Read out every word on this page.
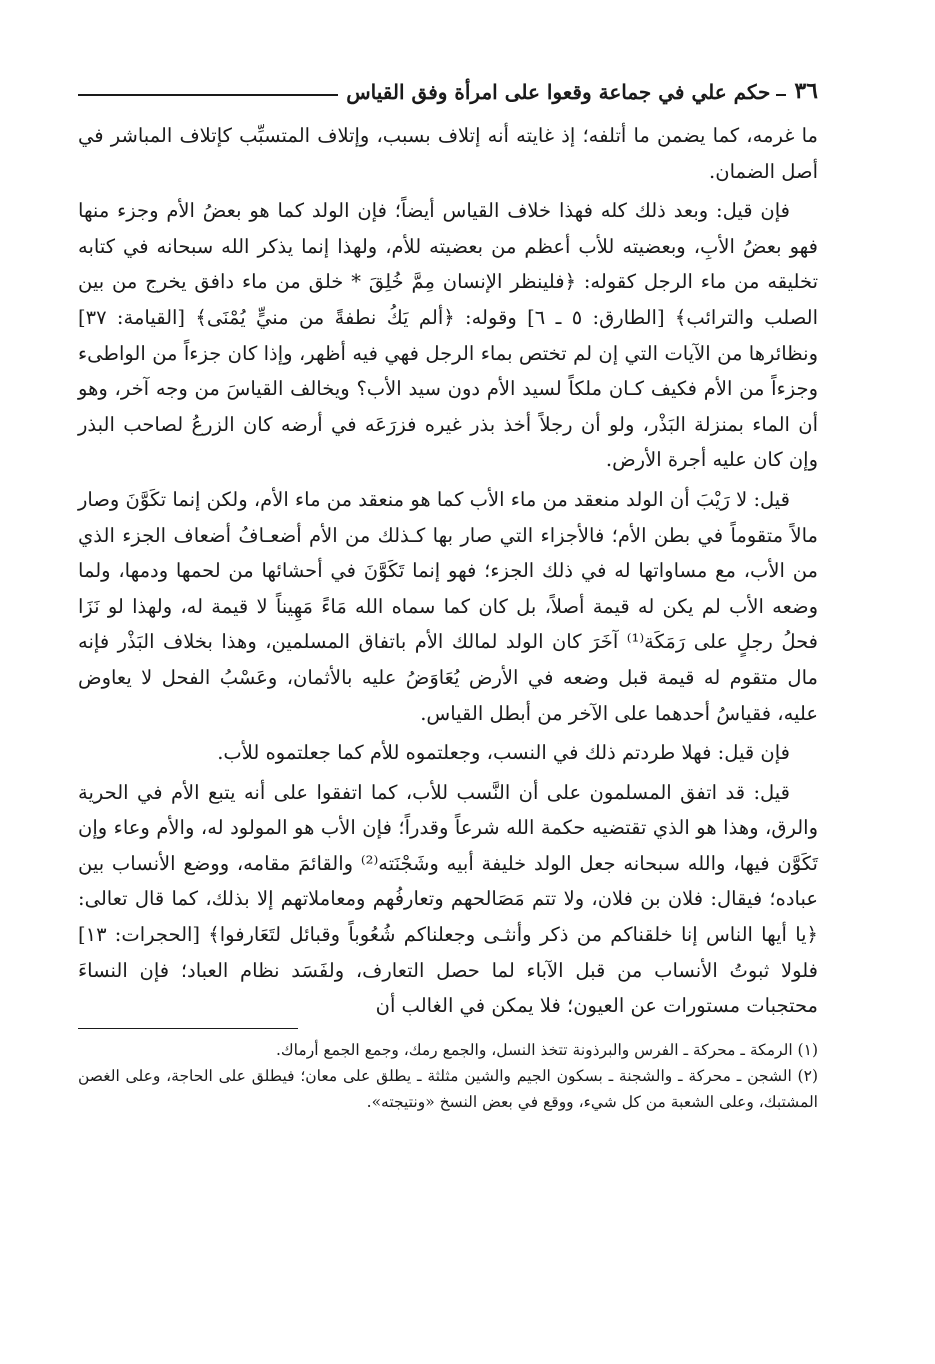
٣٦
حكم علي في جماعة وقعوا على امرأة وفق القياس

ما غرمه، كما يضمن ما أتلفه؛ إذ غايته أنه إتلاف بسبب، وإتلاف المتسبِّب كإتلاف المباشر في أصل الضمان.

فإن قيل: وبعد ذلك كله فهذا خلاف القياس أيضاً؛ فإن الولد كما هو بعضُ الأم وجزء منها فهو بعضُ الأبِ، وبعضيته للأب أعظم من بعضيته للأم، ولهذا إنما يذكر الله سبحانه في كتابه تخليقه من ماء الرجل كقوله: ﴿فلينظر الإنسان مِمَّ خُلِقَ * خلق من ماء دافق يخرج من بين الصلب والترائب﴾ [الطارق: ٥ ـ ٦] وقوله: ﴿ألم يَكُ نطفةً من منيٍّ يُمْنَى﴾ [القيامة: ٣٧] ونظائرها من الآيات التي إن لم تختص بماء الرجل فهي فيه أظهر، وإذا كان جزءاً من الواطىء وجزءاً من الأم فكيف كـان ملكاً لسيد الأم دون سيد الأب؟ ويخالف القياسَ من وجه آخر، وهو أن الماء بمنزلة البَذْر، ولو أن رجلاً أخذ بذر غيره فزرَعَه في أرضه كان الزرعُ لصاحب البذر وإن كان عليه أجرة الأرض.

قيل: لا رَيْبَ أن الولد منعقد من ماء الأب كما هو منعقد من ماء الأم، ولكن إنما تكَوَّنَ وصار مالاً متقوماً في بطن الأم؛ فالأجزاء التي صار بها كـذلك من الأم أضعـافُ أضعاف الجزء الذي من الأب، مع مساواتها له في ذلك الجزء؛ فهو إنما تَكَوَّنَ في أحشائها من لحمها ودمها، ولما وضعه الأب لم يكن له قيمة أصلاً، بل كان كما سماه الله مَاءً مَهِيناً لا قيمة له، ولهذا لو نَزَا فحلُ رجلٍ على رَمَكَة⁽¹⁾ آخَرَ كان الولد لمالك الأم باتفاق المسلمين، وهذا بخلاف البَذْر فإنه مال متقوم له قيمة قبل وضعه في الأرض يُعَاوَضُ عليه بالأثمان، وعَسْبُ الفحل لا يعاوض عليه، فقياسُ أحدهما على الآخر من أبطل القياس.

فإن قيل: فهلا طردتم ذلك في النسب، وجعلتموه للأم كما جعلتموه للأب.

قيل: قد اتفق المسلمون على أن النَّسب للأب، كما اتفقوا على أنه يتبع الأم في الحرية والرق، وهذا هو الذي تقتضيه حكمة الله شرعاً وقدراً؛ فإن الأب هو المولود له، والأم وعاء وإن تَكَوَّن فيها، والله سبحانه جعل الولد خليفة أبيه وشَجْنَته⁽²⁾ والقائمَ مقامه، ووضع الأنساب بين عباده؛ فيقال: فلان بن فلان، ولا تتم مَصَالحهم وتعارفُهم ومعاملاتهم إلا بذلك، كما قال تعالى: ﴿يا أيها الناس إنا خلقناكم من ذكر وأنثـى وجعلناكم شُعُوباً وقبائل لتَعَارفوا﴾ [الحجرات: ١٣] فلولا ثبوتُ الأنساب من قبل الآباء لما حصل التعارف، ولفَسَد نظام العباد؛ فإن النساءَ محتجبات مستورات عن العيون؛ فلا يمكن في الغالب أن

(١) الرمكة ـ محركة ـ الفرس والبرذونة تتخذ النسل، والجمع رمك، وجمع الجمع أرماك.

(٢) الشجن ـ محركة ـ والشجنة ـ بسكون الجيم والشين مثلثة ـ يطلق على معان؛ فيطلق على الحاجة، وعلى الغصن المشتبك، وعلى الشعبة من كل شيء، ووقع في بعض النسخ «ونتيجته».
